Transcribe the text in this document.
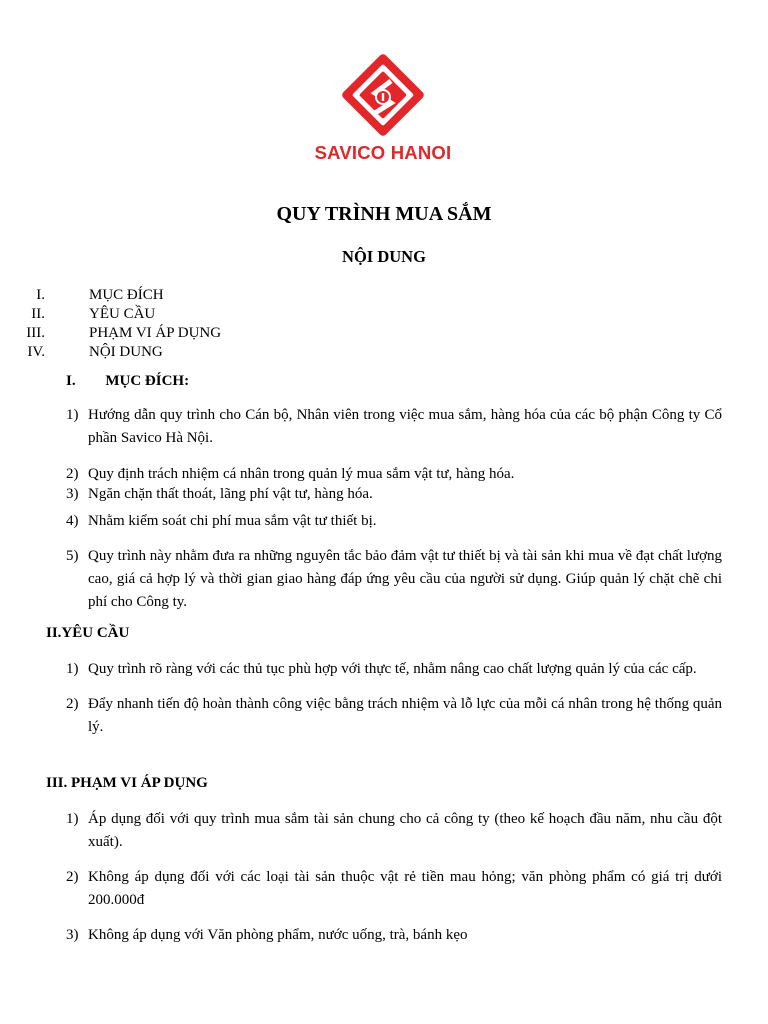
SAVICO HANOI
QUY TRÌNH MUA SẮM
NỘI DUNG
I.	MỤC ĐÍCH
II.	YÊU CẦU
III.	PHẠM VI ÁP DỤNG
IV.	NỘI DUNG
I. MỤC ĐÍCH:
1) Hướng dẫn quy trình cho Cán bộ, Nhân viên trong việc mua sắm, hàng hóa của các bộ phận Công ty Cổ phần Savico Hà Nội.
2) Quy định trách nhiệm cá nhân trong quản lý mua sắm vật tư, hàng hóa.
3) Ngăn chặn thất thoát, lãng phí vật tư, hàng hóa.
4) Nhằm kiểm soát chi phí mua sắm vật tư thiết bị.
5) Quy trình này nhằm đưa ra những nguyên tắc bảo đảm vật tư thiết bị và tài sản khi mua về đạt chất lượng cao, giá cả hợp lý và thời gian giao hàng đáp ứng yêu cầu của người sử dụng. Giúp quản lý chặt chẽ chi phí cho Công ty.
II.YÊU CẦU
1) Quy trình rõ ràng với các thủ tục phù hợp với thực tế, nhằm nâng cao chất lượng quản lý của các cấp.
2) Đẩy nhanh tiến độ hoàn thành công việc bằng trách nhiệm và lỗ lực của mỗi cá nhân trong hệ thống quản lý.
III. PHẠM VI ÁP DỤNG
1) Áp dụng đối với quy trình mua sắm tài sản chung cho cả công ty (theo kế hoạch đầu năm, nhu cầu đột xuất).
2) Không áp dụng đối với các loại tài sản thuộc vật rẻ tiền mau hỏng; văn phòng phẩm có giá trị dưới 200.000đ
3) Không áp dụng với Văn phòng phẩm, nước uống, trà, bánh kẹo
